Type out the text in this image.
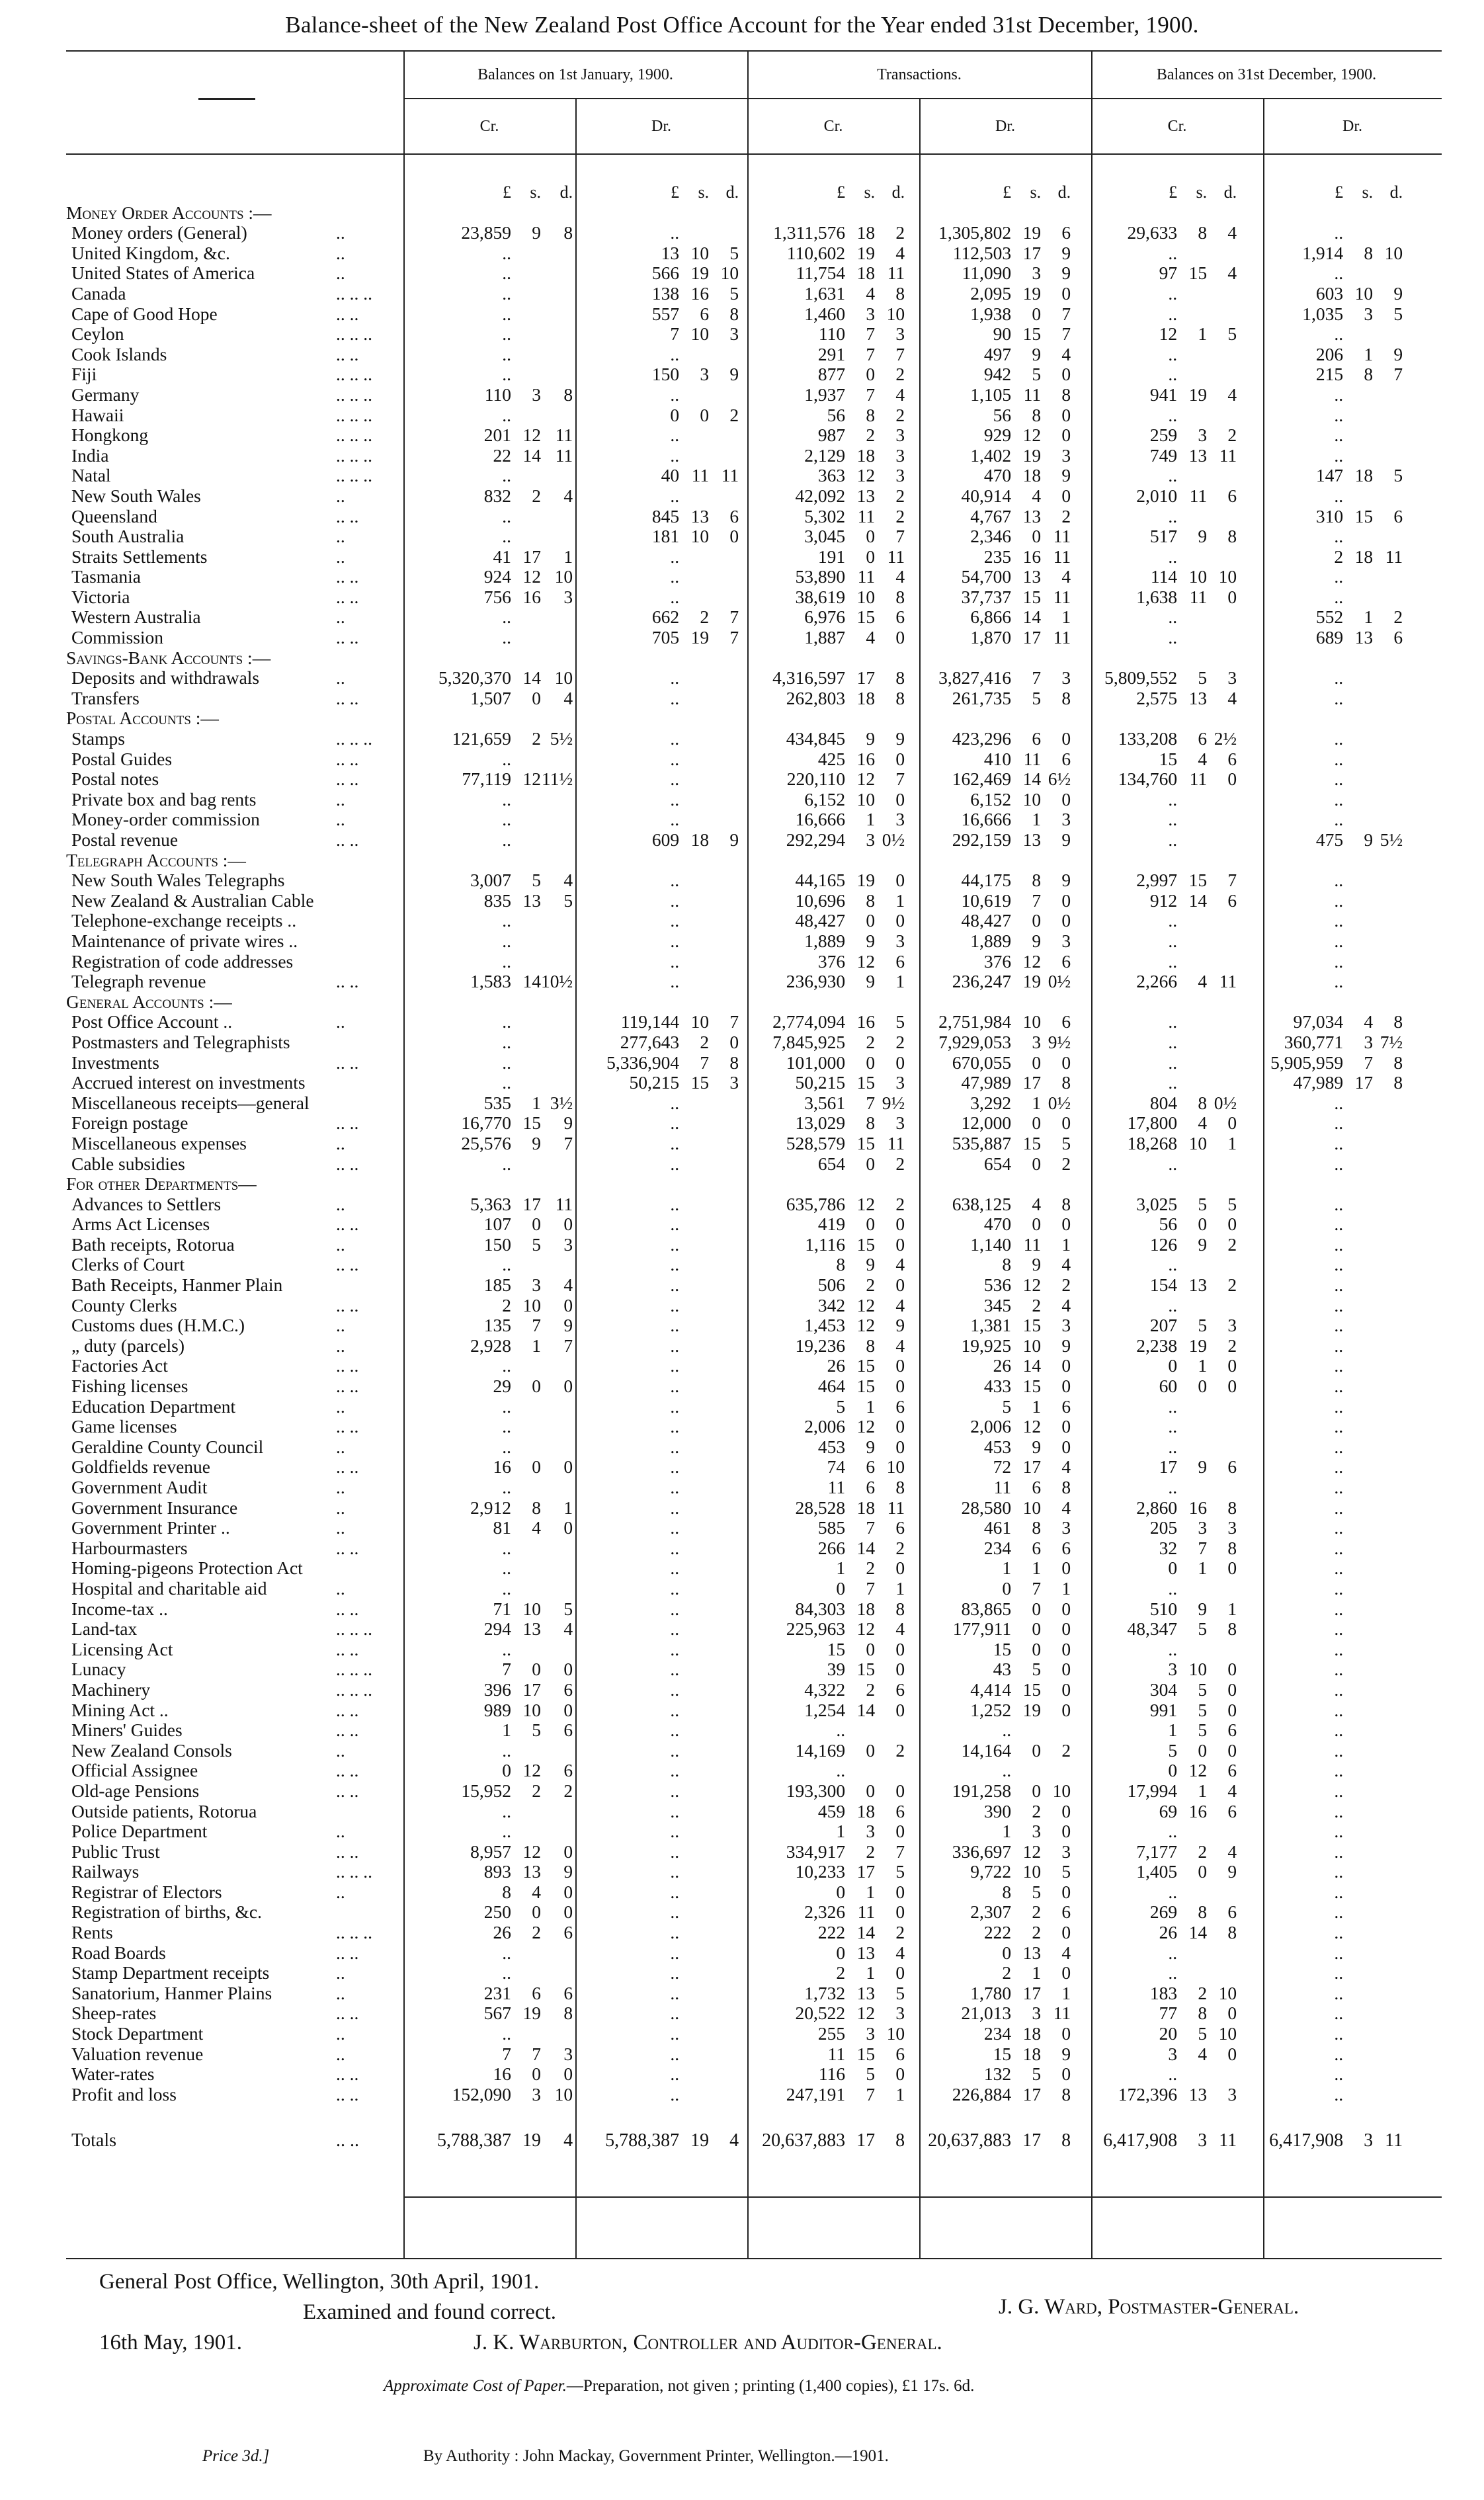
Balance-sheet of the New Zealand Post Office Account for the Year ended 31st December, 1900.
Balances on 1st January, 1900.	Transactions.	Balances on 31st December, 1900.
Cr.	Dr.	Cr.	Dr.	Cr.	Dr.
		£	s.	d.	£	s.	d.	£	s.	d.	£	s.	d.	£	s.	d.	£	s.	d.
Money Order Accounts :—																			
Money orders (General)	..	23,859	9	8	..			1,311,576	18	2	1,305,802	19	6	29,633	8	4	..		
United Kingdom, &c.	..	..			13	10	5	110,602	19	4	112,503	17	9	..			1,914	8	10
United States of America	..	..			566	19	10	11,754	18	11	11,090	3	9	97	15	4	..		
Canada	.. .. ..	..			138	16	5	1,631	4	8	2,095	19	0	..			603	10	9
Cape of Good Hope	.. ..	..			557	6	8	1,460	3	10	1,938	0	7	..			1,035	3	5
Ceylon	.. .. ..	..			7	10	3	110	7	3	90	15	7	12	1	5	..		
Cook Islands	.. ..	..			..			291	7	7	497	9	4	..			206	1	9
Fiji	.. .. ..	..			150	3	9	877	0	2	942	5	0	..			215	8	7
Germany	.. .. ..	110	3	8	..			1,937	7	4	1,105	11	8	941	19	4	..		
Hawaii	.. .. ..	..			0	0	2	56	8	2	56	8	0	..			..		
Hongkong	.. .. ..	201	12	11	..			987	2	3	929	12	0	259	3	2	..		
India	.. .. ..	22	14	11	..			2,129	18	3	1,402	19	3	749	13	11	..		
Natal	.. .. ..	..			40	11	11	363	12	3	470	18	9	..			147	18	5
New South Wales	..	832	2	4	..			42,092	13	2	40,914	4	0	2,010	11	6	..		
Queensland	.. ..	..			845	13	6	5,302	11	2	4,767	13	2	..			310	15	6
South Australia	..	..			181	10	0	3,045	0	7	2,346	0	11	517	9	8	..		
Straits Settlements	..	41	17	1	..			191	0	11	235	16	11	..			2	18	11
Tasmania	.. ..	924	12	10	..			53,890	11	4	54,700	13	4	114	10	10	..		
Victoria	.. ..	756	16	3	..			38,619	10	8	37,737	15	11	1,638	11	0	..		
Western Australia	..	..			662	2	7	6,976	15	6	6,866	14	1	..			552	1	2
Commission	.. ..	..			705	19	7	1,887	4	0	1,870	17	11	..			689	13	6
Savings-Bank Accounts :—																			
Deposits and withdrawals	..	5,320,370	14	10	..			4,316,597	17	8	3,827,416	7	3	5,809,552	5	3	..		
Transfers	.. ..	1,507	0	4	..			262,803	18	8	261,735	5	8	2,575	13	4	..		
Postal Accounts :—																			
Stamps	.. .. ..	121,659	2	5½	..			434,845	9	9	423,296	6	0	133,208	6	2½	..		
Postal Guides	.. ..	..			..			425	16	0	410	11	6	15	4	6	..		
Postal notes	.. ..	77,119	12	11½	..			220,110	12	7	162,469	14	6½	134,760	11	0	..		
Private box and bag rents	..	..			..			6,152	10	0	6,152	10	0	..			..		
Money-order commission	..	..			..			16,666	1	3	16,666	1	3	..			..		
Postal revenue	.. ..	..			609	18	9	292,294	3	0½	292,159	13	9	..			475	9	5½
Telegraph Accounts :—																			
New South Wales Telegraphs		3,007	5	4	..			44,165	19	0	44,175	8	9	2,997	15	7	..		
New Zealand & Australian Cable		835	13	5	..			10,696	8	1	10,619	7	0	912	14	6	..		
Telephone-exchange receipts ..		..			..			48,427	0	0	48,427	0	0	..			..		
Maintenance of private wires ..		..			..			1,889	9	3	1,889	9	3	..			..		
Registration of code addresses		..			..			376	12	6	376	12	6	..			..		
Telegraph revenue	.. ..	1,583	14	10½	..			236,930	9	1	236,247	19	0½	2,266	4	11	..		
General Accounts :—																			
Post Office Account ..	..	..			119,144	10	7	2,774,094	16	5	2,751,984	10	6	..			97,034	4	8
Postmasters and Telegraphists		..			277,643	2	0	7,845,925	2	2	7,929,053	3	9½	..			360,771	3	7½
Investments	.. ..	..			5,336,904	7	8	101,000	0	0	670,055	0	0	..			5,905,959	7	8
Accrued interest on investments		..			50,215	15	3	50,215	15	3	47,989	17	8	..			47,989	17	8
Miscellaneous receipts—general		535	1	3½	..			3,561	7	9½	3,292	1	0½	804	8	0½	..		
Foreign postage	.. ..	16,770	15	9	..			13,029	8	3	12,000	0	0	17,800	4	0	..		
Miscellaneous expenses	..	25,576	9	7	..			528,579	15	11	535,887	15	5	18,268	10	1	..		
Cable subsidies	.. ..	..			..			654	0	2	654	0	2	..			..		
For other Departments—																			
Advances to Settlers	..	5,363	17	11	..			635,786	12	2	638,125	4	8	3,025	5	5	..		
Arms Act Licenses	.. ..	107	0	0	..			419	0	0	470	0	0	56	0	0	..		
Bath receipts, Rotorua	..	150	5	3	..			1,116	15	0	1,140	11	1	126	9	2	..		
Clerks of Court	.. ..	..			..			8	9	4	8	9	4	..			..		
Bath Receipts, Hanmer Plain		185	3	4	..			506	2	0	536	12	2	154	13	2	..		
County Clerks	.. ..	2	10	0	..			342	12	4	345	2	4	..			..		
Customs dues (H.M.C.)	..	135	7	9	..			1,453	12	9	1,381	15	3	207	5	3	..		
„ duty (parcels)	..	2,928	1	7	..			19,236	8	4	19,925	10	9	2,238	19	2	..		
Factories Act	.. ..	..			..			26	15	0	26	14	0	0	1	0	..		
Fishing licenses	.. ..	29	0	0	..			464	15	0	433	15	0	60	0	0	..		
Education Department	..	..			..			5	1	6	5	1	6	..			..		
Game licenses	.. ..	..			..			2,006	12	0	2,006	12	0	..			..		
Geraldine County Council	..	..			..			453	9	0	453	9	0	..			..		
Goldfields revenue	.. ..	16	0	0	..			74	6	10	72	17	4	17	9	6	..		
Government Audit	..	..			..			11	6	8	11	6	8	..			..		
Government Insurance	..	2,912	8	1	..			28,528	18	11	28,580	10	4	2,860	16	8	..		
Government Printer ..	..	81	4	0	..			585	7	6	461	8	3	205	3	3	..		
Harbourmasters	.. ..	..			..			266	14	2	234	6	6	32	7	8	..		
Homing-pigeons Protection Act		..			..			1	2	0	1	1	0	0	1	0	..		
Hospital and charitable aid	..	..			..			0	7	1	0	7	1	..			..		
Income-tax ..	.. ..	71	10	5	..			84,303	18	8	83,865	0	0	510	9	1	..		
Land-tax	.. .. ..	294	13	4	..			225,963	12	4	177,911	0	0	48,347	5	8	..		
Licensing Act	.. ..	..			..			15	0	0	15	0	0	..			..		
Lunacy	.. .. ..	7	0	0	..			39	15	0	43	5	0	3	10	0	..		
Machinery	.. .. ..	396	17	6	..			4,322	2	6	4,414	15	0	304	5	0	..		
Mining Act ..	.. ..	989	10	0	..			1,254	14	0	1,252	19	0	991	5	0	..		
Miners' Guides	.. ..	1	5	6	..			..			..			1	5	6	..		
New Zealand Consols	..	..			..			14,169	0	2	14,164	0	2	5	0	0	..		
Official Assignee	.. ..	0	12	6	..			..			..			0	12	6	..		
Old-age Pensions	.. ..	15,952	2	2	..			193,300	0	0	191,258	0	10	17,994	1	4	..		
Outside patients, Rotorua		..			..			459	18	6	390	2	0	69	16	6	..		
Police Department	..	..			..			1	3	0	1	3	0	..			..		
Public Trust	.. ..	8,957	12	0	..			334,917	2	7	336,697	12	3	7,177	2	4	..		
Railways	.. .. ..	893	13	9	..			10,233	17	5	9,722	10	5	1,405	0	9	..		
Registrar of Electors	..	8	4	0	..			0	1	0	8	5	0	..			..		
Registration of births, &c.		250	0	0	..			2,326	11	0	2,307	2	6	269	8	6	..		
Rents	.. .. ..	26	2	6	..			222	14	2	222	2	0	26	14	8	..		
Road Boards	.. ..	..			..			0	13	4	0	13	4	..			..		
Stamp Department receipts	..	..			..			2	1	0	2	1	0	..			..		
Sanatorium, Hanmer Plains	..	231	6	6	..			1,732	13	5	1,780	17	1	183	2	10	..		
Sheep-rates	.. ..	567	19	8	..			20,522	12	3	21,013	3	11	77	8	0	..		
Stock Department	..	..			..			255	3	10	234	18	0	20	5	10	..		
Valuation revenue	..	7	7	3	..			11	15	6	15	18	9	3	4	0	..		
Water-rates	.. ..	16	0	0	..			116	5	0	132	5	0	..			..		
Profit and loss	.. ..	152,090	3	10	..			247,191	7	1	226,884	17	8	172,396	13	3	..		
Totals	.. ..	5,788,387	19	4	5,788,387	19	4	20,637,883	17	8	20,637,883	17	8	6,417,908	3	11	6,417,908	3	11
General Post Office, Wellington, 30th April, 1901.
Examined and found correct.	J. G. Ward, Postmaster-General.
16th May, 1901.	J. K. Warburton, Controller and Auditor-General.
Approximate Cost of Paper.—Preparation, not given ; printing (1,400 copies), £1 17s. 6d.
Price 3d.]	By Authority : John Mackay, Government Printer, Wellington.—1901.
